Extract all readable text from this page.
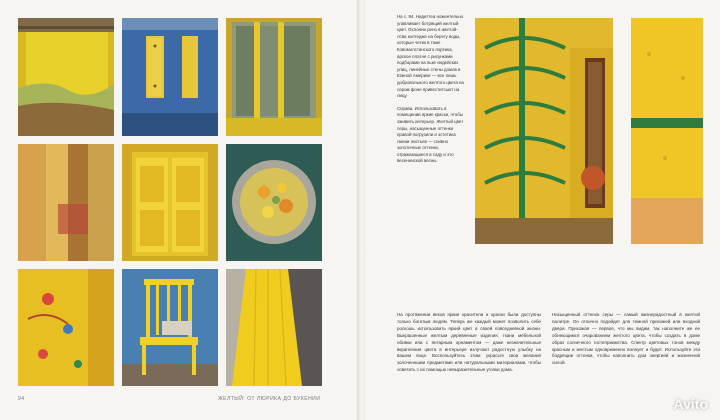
На с. 94. Нидиттеа ножинтельно улавливает ботрящий желтый цвет. Охлонни рено в желтой-лсва колтедже на берегу воды, которые четки в таже Ковомолстанского портика, арское платне с рисунками подборами на пьке индейских улиц, линейные стены домов в Южной Америке — все лишь добровольного желтого цвета на сером фоне привеститсьют на лицу.

Справа. Использовать в помещении яркие краски, чтобы оживить интерьер. Желтый цвет серы, насыщенные оттенки правой погрузили и эстетика линии листьев — сливно золотичные оттенки, отражающиеся в саду и это весенниской весны.

На протяжении веков яркие красители и краски были доступны только богатым людям. Теперь же каждый может позволить себе роскошь использовать яркий цвет в своей повседневной жизни. Выкрашенные желтым деревянные изделия, ткани мебельной обивки или с янтарным орнаментом — даже незначительные вкрапления цвета в интерьере излучают радостную улыбку на вашем лице. Воспользуйтесь этим: украсьте свои желания золоченными предметами или натуральными материалами, чтобы осветить с их помощью невыразительные уголки дома.
Насыщенный оттенок серы — самый жизнерадостный в желтой палитре. Он отлично подойдет для темной прихожей или входной двери. Прихожая — первое, что мы видим, так наполните же ее обнеющимся очарованием желтого цвета, чтобы создать в доме образ солнечного гостеприимства. Спектр цветовых тонов между красным и желтым одновременно волнует и будит. Используйте эти бодрящие оттенки, чтобы наполнить дом энергией и жизненной силой.
94	ЖЕЛТЫЙ: ОТ ЛЮРИКА ДО БУКЕНИИ	Avito
